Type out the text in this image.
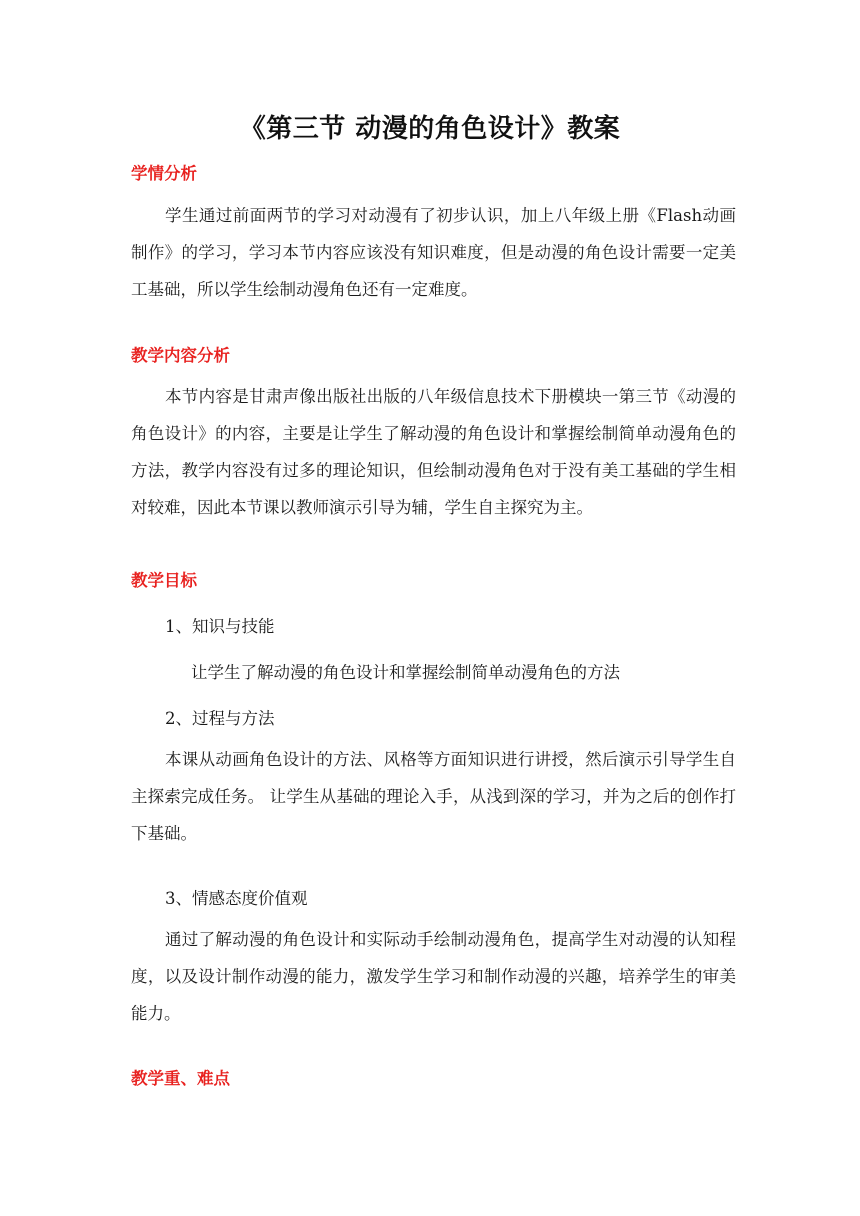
《第三节 动漫的角色设计》教案
学情分析

学生通过前面两节的学习对动漫有了初步认识，加上八年级上册《Flash动画制作》的学习，学习本节内容应该没有知识难度，但是动漫的角色设计需要一定美工基础，所以学生绘制动漫角色还有一定难度。

教学内容分析

本节内容是甘肃声像出版社出版的八年级信息技术下册模块一第三节《动漫的角色设计》的内容，主要是让学生了解动漫的角色设计和掌握绘制简单动漫角色的方法，教学内容没有过多的理论知识，但绘制动漫角色对于没有美工基础的学生相对较难，因此本节课以教师演示引导为辅，学生自主探究为主。

教学目标
1、知识与技能
让学生了解动漫的角色设计和掌握绘制简单动漫角色的方法
2、过程与方法

本课从动画角色设计的方法、风格等方面知识进行讲授，然后演示引导学生自主探索完成任务。 让学生从基础的理论入手，从浅到深的学习，并为之后的创作打下基础。

3、情感态度价值观

通过了解动漫的角色设计和实际动手绘制动漫角色，提高学生对动漫的认知程度，以及设计制作动漫的能力，激发学生学习和制作动漫的兴趣，培养学生的审美能力。

教学重、难点
